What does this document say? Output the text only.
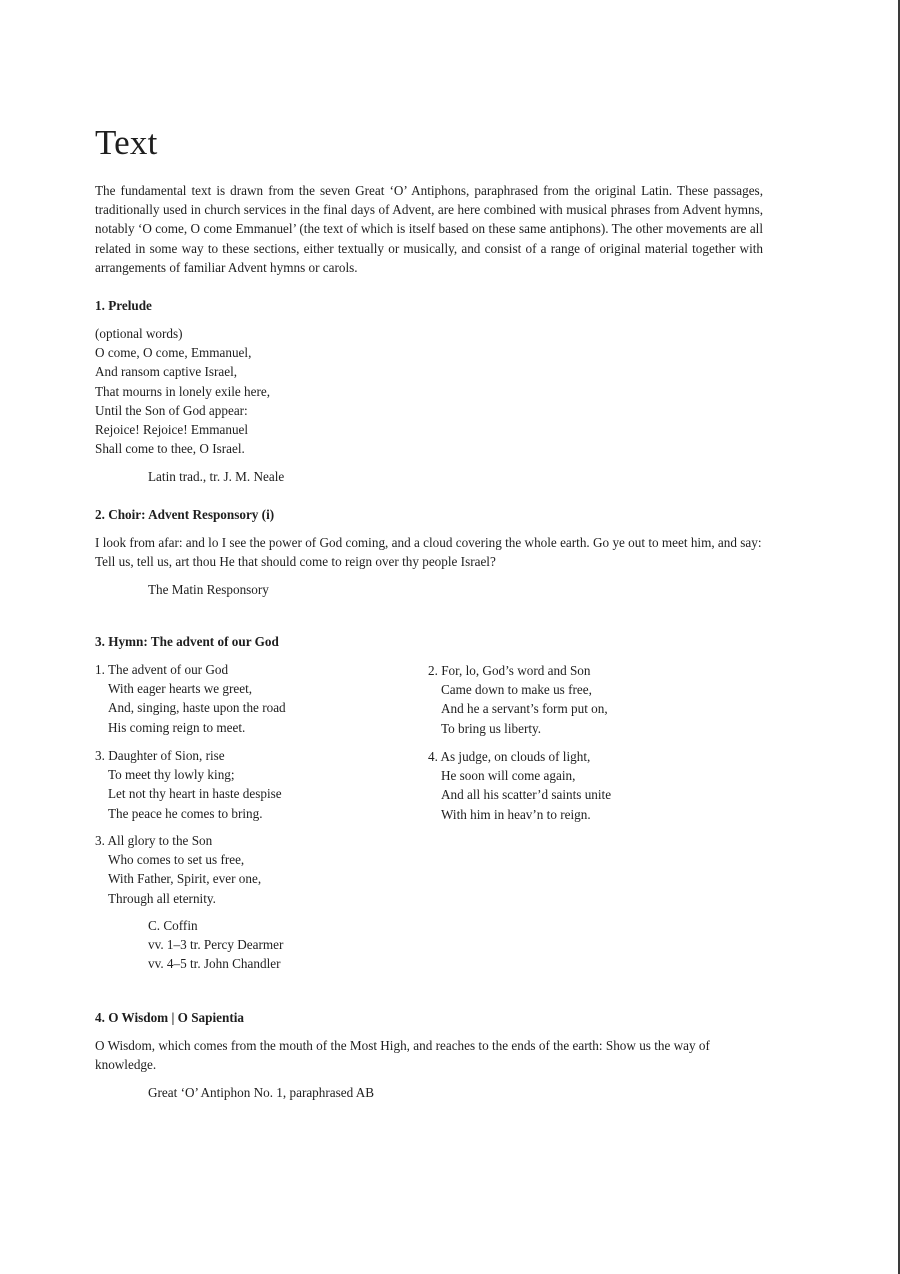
Text

The fundamental text is drawn from the seven Great ‘O’ Antiphons, paraphrased from the original Latin. These passages, traditionally used in church services in the final days of Advent, are here combined with musical phrases from Advent hymns, notably ‘O come, O come Emmanuel’ (the text of which is itself based on these same antiphons). The other movements are all related in some way to these sections, either textually or musically, and consist of a range of original material together with arrangements of familiar Advent hymns or carols.

1. Prelude
(optional words)
O come, O come, Emmanuel,
And ransom captive Israel,
That mourns in lonely exile here,
Until the Son of God appear:
Rejoice! Rejoice! Emmanuel
Shall come to thee, O Israel.
Latin trad., tr. J. M. Neale
2. Choir: Advent Responsory (i)

I look from afar: and lo I see the power of God coming, and a cloud covering the whole earth. Go ye out to meet him, and say: Tell us, tell us, art thou He that should come to reign over thy people Israel?

The Matin Responsory
3. Hymn: The advent of our God
1. The advent of our God
With eager hearts we greet,
And, singing, haste upon the road
His coming reign to meet.
3. Daughter of Sion, rise
To meet thy lowly king;
Let not thy heart in haste despise
The peace he comes to bring.
3. All glory to the Son
Who comes to set us free,
With Father, Spirit, ever one,
Through all eternity.
2. For, lo, God’s word and Son
Came down to make us free,
And he a servant’s form put on,
To bring us liberty.
4. As judge, on clouds of light,
He soon will come again,
And all his scatter’d saints unite
With him in heav’n to reign.
C. Coffin
vv. 1–3 tr. Percy Dearmer
vv. 4–5 tr. John Chandler
4. O Wisdom | O Sapientia

O Wisdom, which comes from the mouth of the Most High, and reaches to the ends of the earth: Show us the way of knowledge.

Great ‘O’ Antiphon No. 1, paraphrased AB
